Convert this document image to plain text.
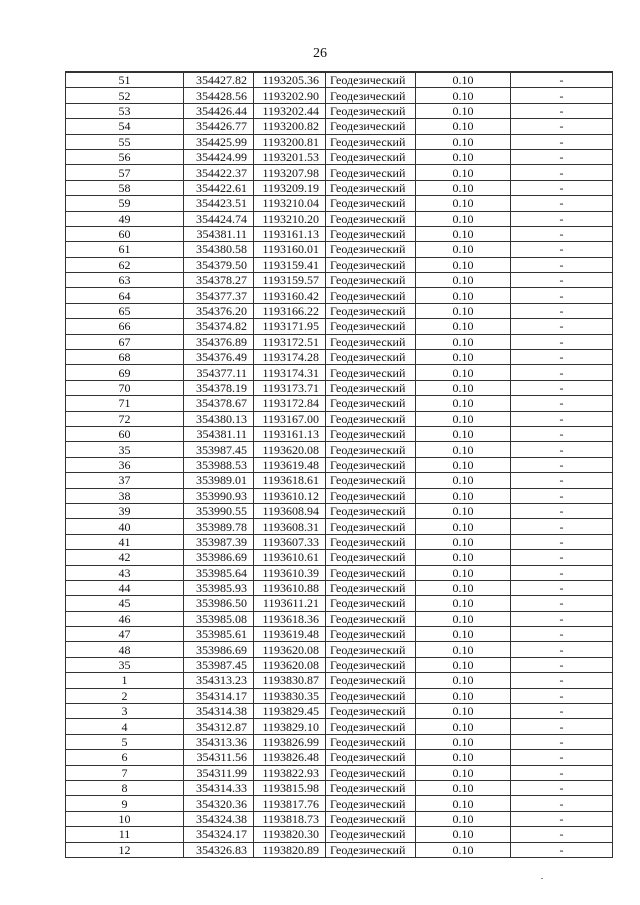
26
51	354427.82	1193205.36	Геодезический	0.10	-
52	354428.56	1193202.90	Геодезический	0.10	-
53	354426.44	1193202.44	Геодезический	0.10	-
54	354426.77	1193200.82	Геодезический	0.10	-
55	354425.99	1193200.81	Геодезический	0.10	-
56	354424.99	1193201.53	Геодезический	0.10	-
57	354422.37	1193207.98	Геодезический	0.10	-
58	354422.61	1193209.19	Геодезический	0.10	-
59	354423.51	1193210.04	Геодезический	0.10	-
49	354424.74	1193210.20	Геодезический	0.10	-
60	354381.11	1193161.13	Геодезический	0.10	-
61	354380.58	1193160.01	Геодезический	0.10	-
62	354379.50	1193159.41	Геодезический	0.10	-
63	354378.27	1193159.57	Геодезический	0.10	-
64	354377.37	1193160.42	Геодезический	0.10	-
65	354376.20	1193166.22	Геодезический	0.10	-
66	354374.82	1193171.95	Геодезический	0.10	-
67	354376.89	1193172.51	Геодезический	0.10	-
68	354376.49	1193174.28	Геодезический	0.10	-
69	354377.11	1193174.31	Геодезический	0.10	-
70	354378.19	1193173.71	Геодезический	0.10	-
71	354378.67	1193172.84	Геодезический	0.10	-
72	354380.13	1193167.00	Геодезический	0.10	-
60	354381.11	1193161.13	Геодезический	0.10	-
35	353987.45	1193620.08	Геодезический	0.10	-
36	353988.53	1193619.48	Геодезический	0.10	-
37	353989.01	1193618.61	Геодезический	0.10	-
38	353990.93	1193610.12	Геодезический	0.10	-
39	353990.55	1193608.94	Геодезический	0.10	-
40	353989.78	1193608.31	Геодезический	0.10	-
41	353987.39	1193607.33	Геодезический	0.10	-
42	353986.69	1193610.61	Геодезический	0.10	-
43	353985.64	1193610.39	Геодезический	0.10	-
44	353985.93	1193610.88	Геодезический	0.10	-
45	353986.50	1193611.21	Геодезический	0.10	-
46	353985.08	1193618.36	Геодезический	0.10	-
47	353985.61	1193619.48	Геодезический	0.10	-
48	353986.69	1193620.08	Геодезический	0.10	-
35	353987.45	1193620.08	Геодезический	0.10	-
1	354313.23	1193830.87	Геодезический	0.10	-
2	354314.17	1193830.35	Геодезический	0.10	-
3	354314.38	1193829.45	Геодезический	0.10	-
4	354312.87	1193829.10	Геодезический	0.10	-
5	354313.36	1193826.99	Геодезический	0.10	-
6	354311.56	1193826.48	Геодезический	0.10	-
7	354311.99	1193822.93	Геодезический	0.10	-
8	354314.33	1193815.98	Геодезический	0.10	-
9	354320.36	1193817.76	Геодезический	0.10	-
10	354324.38	1193818.73	Геодезический	0.10	-
11	354324.17	1193820.30	Геодезический	0.10	-
12	354326.83	1193820.89	Геодезический	0.10	-
